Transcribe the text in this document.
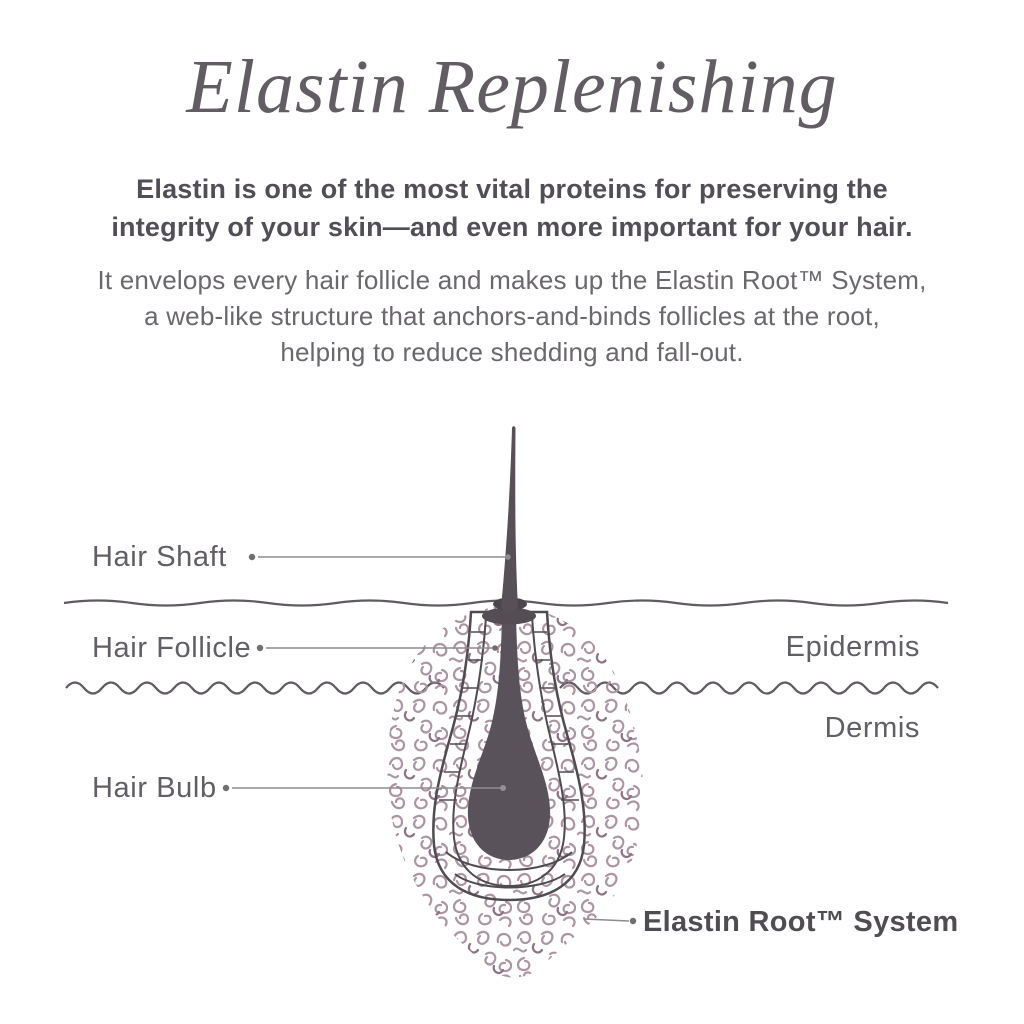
Elastin Replenishing
Elastin is one of the most vital proteins for preserving the
integrity of your skin—and even more important for your hair.
It envelops every hair follicle and makes up the Elastin Root™ System,
a web-like structure that anchors-and-binds follicles at the root,
helping to reduce shedding and fall-out.
Hair Shaft
Hair Follicle
Hair Bulb
Epidermis
Dermis
Elastin Root™ System
